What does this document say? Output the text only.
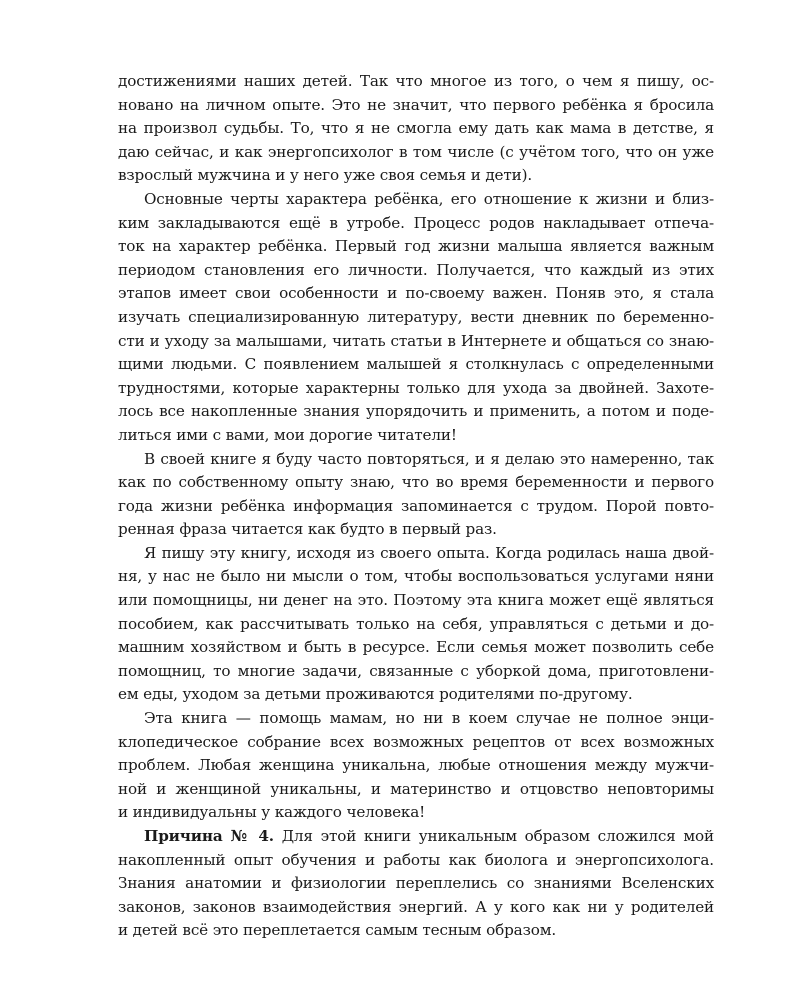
достижениями наших детей. Так что многое из того, о чем я пишу, ос-
новано на личном опыте. Это не значит, что первого ребёнка я бросила
на произвол судьбы. То, что я не смогла ему дать как мама в детстве, я
даю сейчас, и как энергопсихолог в том числе (с учётом того, что он уже
взрослый мужчина и у него уже своя семья и дети).
Основные черты характера ребёнка, его отношение к жизни и близ-
ким закладываются ещё в утробе. Процесс родов накладывает отпеча-
ток на характер ребёнка. Первый год жизни малыша является важным
периодом становления его личности. Получается, что каждый из этих
этапов имеет свои особенности и по-своему важен. Поняв это, я стала
изучать специализированную литературу, вести дневник по беременно-
сти и уходу за малышами, читать статьи в Интернете и общаться со знаю-
щими людьми. С появлением малышей я столкнулась с определенными
трудностями, которые характерны только для ухода за двойней. Захоте-
лось все накопленные знания упорядочить и применить, а потом и поде-
литься ими с вами, мои дорогие читатели!
В своей книге я буду часто повторяться, и я делаю это намеренно, так
как по собственному опыту знаю, что во время беременности и первого
года жизни ребёнка информация запоминается с трудом. Порой повто-
ренная фраза читается как будто в первый раз.
Я пишу эту книгу, исходя из своего опыта. Когда родилась наша двой-
ня, у нас не было ни мысли о том, чтобы воспользоваться услугами няни
или помощницы, ни денег на это. Поэтому эта книга может ещё являться
пособием, как рассчитывать только на себя, управляться с детьми и до-
машним хозяйством и быть в ресурсе. Если семья может позволить себе
помощниц, то многие задачи, связанные с уборкой дома, приготовлени-
ем еды, уходом за детьми проживаются родителями по-другому.
Эта книга — помощь мамам, но ни в коем случае не полное энци-
клопедическое собрание всех возможных рецептов от всех возможных
проблем. Любая женщина уникальна, любые отношения между мужчи-
ной и женщиной уникальны, и материнство и отцовство неповторимы
и индивидуальны у каждого человека!
Причина № 4. Для этой книги уникальным образом сложился мой
накопленный опыт обучения и работы как биолога и энергопсихолога.
Знания анатомии и физиологии переплелись со знаниями Вселенских
законов, законов взаимодействия энергий. А у кого как ни у родителей
и детей всё это переплетается самым тесным образом.
